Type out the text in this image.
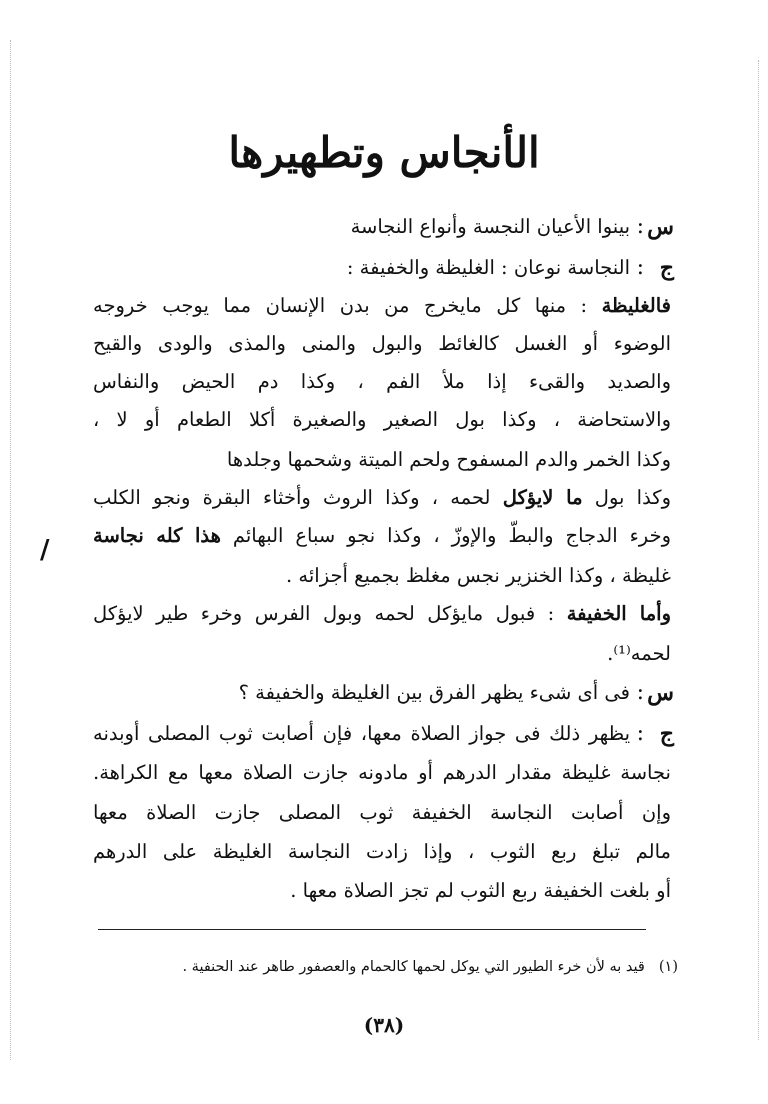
الأنجاس وتطهيرها
س
:
بينوا الأعيان النجسة وأنواع النجاسة
ج
:
النجاسة نوعان : الغليظة والخفيفة :
فالغليظة : منها كل مايخرج من بدن الإنسان مما يوجب خروجه
الوضوء أو الغسل كالغائط والبول والمنى والمذى والودى والقيح
والصديد والقىء إذا ملأ الفم ، وكذا دم الحيض والنفاس
والاستحاضة ، وكذا بول الصغير والصغيرة أكلا الطعام أو لا ،
وكذا الخمر والدم المسفوح ولحم الميتة وشحمها وجلدها
وكذا بول ما لايؤكل لحمه ، وكذا الروث وأخثاء البقرة ونجو الكلب
وخرء الدجاج والبطّ والإوزّ ، وكذا نجو سباع البهائم هذا كله نجاسة
غليظة ، وكذا الخنزير نجس مغلظ بجميع أجزائه .
/
وأما الخفيفة : فبول مايؤكل لحمه وبول الفرس وخرء طير لايؤكل
لحمه⁽¹⁾.
س
:
فى أى شىء يظهر الفرق بين الغليظة والخفيفة ؟
ج
:
يظهر ذلك فى جواز الصلاة معها، فإن أصابت ثوب المصلى أوبدنه
نجاسة غليظة مقدار الدرهم أو مادونه جازت الصلاة معها مع الكراهة.
وإن أصابت النجاسة الخفيفة ثوب المصلى جازت الصلاة معها
مالم تبلغ ربع الثوب ، وإذا زادت النجاسة الغليظة على الدرهم
أو بلغت الخفيفة ربع الثوب لم تجز الصلاة معها .
(١)قيد به لأن خرء الطيور التي يوكل لحمها كالحمام والعصفور طاهر عند الحنفية .
(٣٨)
